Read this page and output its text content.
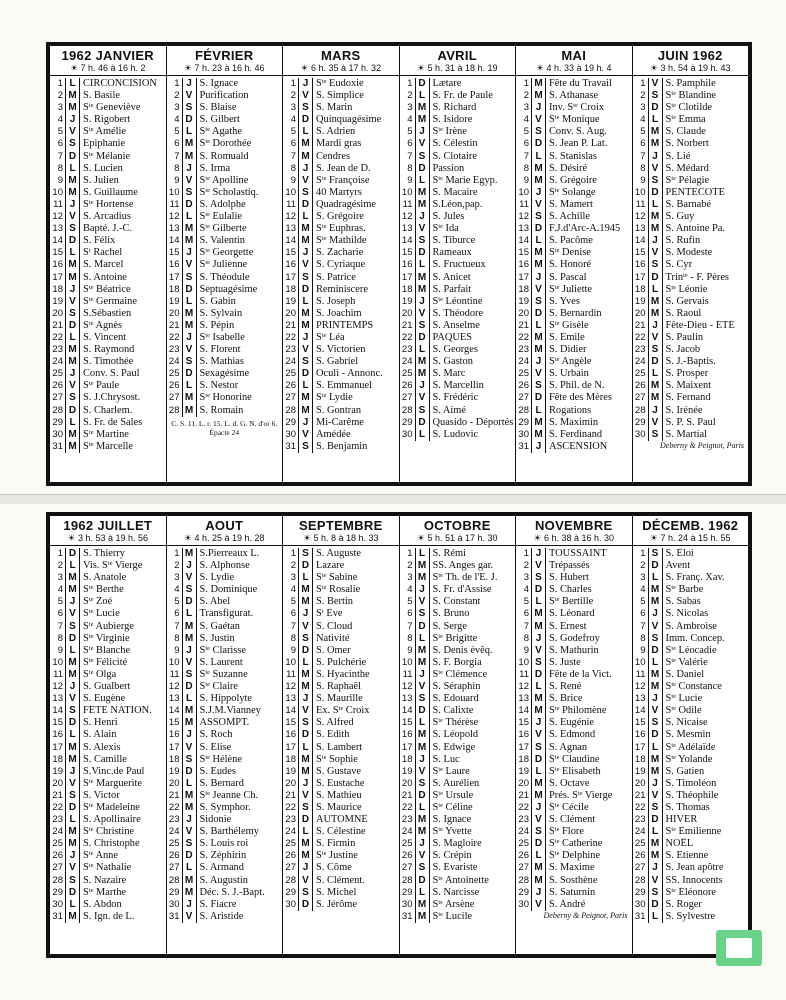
1962 JANVIER
☀ 7 h. 46 à 16 h. 2
1 L CIRCONCISION
2 M S. Basile
3 M Sᵗᵉ Geneviève
4 J S. Rigobert
5 V Sᵗᵉ Amélie
6 S Epiphanie
7 D Sᵗᵉ Mélanie
8 L S. Lucien
9 M S. Julien
10 M S. Guillaume
11 J Sᵗᵉ Hortense
12 V S. Arcadius
13 S Bapté. J.-C.
14 D S. Félix
15 L Sᵗ Rachel
16 M S. Marcel
17 M S. Antoine
18 J Sᵗᵉ Béatrice
19 V Sᵗᵉ Germaine
20 S S.Sébastien
21 D Sᵗᵉ Agnès
22 L S. Vincent
23 M S. Raymond
24 M S. Timothée
25 J Conv. S. Paul
26 V Sᵗᵉ Paule
27 S S. J.Chrysost.
28 D S. Charlem.
29 L S. Fr. de Sales
30 M Sᵗᵉ Martine
31 M Sᵗᵉ Marcelle
FÉVRIER
☀ 7 h. 23 à 16 h. 46
1 J S. Ignace
2 V Purification
3 S S. Blaise
4 D S. Gilbert
5 L Sᵗᵉ Agathe
6 M Sᵗᵉ Dorothée
7 M S. Romuald
8 J S. Irma
9 V Sᵗᵉ Apolline
10 S Sᵗᵉ Scholastiq.
11 D S. Adolphe
12 L Sᵗᵉ Eulalie
13 M Sᵗᵉ Gilberte
14 M S. Valentin
15 J Sᵗᵉ Georgette
16 V Sᵗᵉ Julienne
17 S S. Théodule
18 D Septuagésime
19 L S. Gabin
20 M S. Sylvain
21 M S. Pépin
22 J Sᵗᵉ Isabelle
23 V S. Florent
24 S S. Mathias
25 D Sexagésime
26 L S. Nestor
27 M Sᵗᵉ Honorine
28 M S. Romain
C. S. 11. L. r. 15. L. d. G. N. d'or 6. Épacte 24
MARS
☀ 6 h. 35 à 17 h. 32
1 J Sᵗᵉ Eudoxie
2 V S. Simplice
3 S S. Marin
4 D Quinquagésime
5 L S. Adrien
6 M Mardi gras
7 M Cendres
8 J S. Jean de D.
9 V Sᵗᵉ Françoise
10 S 40 Martyrs
11 D Quadragésime
12 L S. Grégoire
13 M Sᵗᵉ Euphras.
14 M Sᵗᵉ Mathilde
15 J S. Zacharie
16 V S. Cyriaque
17 S S. Patrice
18 D Reminiscere
19 L S. Joseph
20 M S. Joachim
21 M PRINTEMPS
22 J Sᵗᵉ Léa
23 V S. Victorien
24 S S. Gabriel
25 D Oculi - Annonc.
26 L S. Emmanuel
27 M Sᵗᵉ Lydie
28 M S. Gontran
29 J Mi-Carême
30 V Amédée
31 S S. Benjamin
AVRIL
☀ 5 h. 31 à 18 h. 19
1 D Lætare
2 L S. Fr. de Paule
3 M S. Richard
4 M S. Isidore
5 J Sᵗᵉ Irène
6 V S. Célestin
7 S S. Clotaire
8 D Passion
9 L Sᵗᵉ Marie Egyp.
10 M S. Macaire
11 M S.Léon,pap.
12 J S. Jules
13 V Sᵗᵉ Ida
14 S S. Tiburce
15 D Rameaux
16 L S. Fructueux
17 M S. Anicet
18 M S. Parfait
19 J Sᵗᵉ Léontine
20 V S. Théodore
21 S S. Anselme
22 D PAQUES
23 L S. Georges
24 M S. Gaston
25 M S. Marc
26 J S. Marcellin
27 V S. Frédéric
28 S S. Aimé
29 D Quasido - Déportés
30 L S. Ludovic
MAI
☀ 4 h. 33 à 19 h. 4
1 M Fête du Travail
2 M S. Athanase
3 J Inv. Sᵗᵉ Croix
4 V Sᵗᵉ Monique
5 S Conv. S. Aug.
6 D S. Jean P. Lat.
7 L S. Stanislas
8 M S. Désiré
9 M S. Grégoire
10 J Sᵗᵉ Solange
11 V S. Mamert
12 S S. Achille
13 D F.J.d'Arc-A.1945
14 L S. Pacôme
15 M Sᵗᵉ Denise
16 M S. Honoré
17 J S. Pascal
18 V Sᵗᵉ Juliette
19 S S. Yves
20 D S. Bernardin
21 L Sᵗᵉ Gisèle
22 M S. Emile
23 M S. Didier
24 J Sᵗᵉ Angèle
25 V S. Urbain
26 S S. Phil. de N.
27 D Fête des Mères
28 L Rogations
29 M S. Maximin
30 M S. Ferdinand
31 J ASCENSION
JUIN 1962
☀ 3 h. 54 à 19 h. 43
1 V S. Pamphile
2 S Sᵗᵉ Blandine
3 D Sᵗᵉ Clotilde
4 L Sᵗᵉ Emma
5 M S. Claude
6 M S. Norbert
7 J S. Lié
8 V S. Médard
9 S Sᵗᵉ Pélagie
10 D PENTECOTE
11 L S. Barnabé
12 M S. Guy
13 M S. Antoine Pa.
14 J S. Rufin
15 V S. Modeste
16 S S. Cyr
17 D Trinᵗᵉ - F. Pères
18 L Sᵗᵉ Léonie
19 M S. Gervais
20 M S. Raoul
21 J Fête-Dieu - ÉTÉ
22 V S. Paulin
23 S S. Jacob
24 D S. J.-Baptis.
25 L S. Prosper
26 M S. Maixent
27 M S. Fernand
28 J S. Irénée
29 V S. P. S. Paul
30 S S. Martial
Deberny & Peignot, Paris
1962 JUILLET
☀ 3 h. 53 à 19 h. 56
1 D S. Thierry
2 L Vis. Sᵗᵉ Vierge
3 M S. Anatole
4 M Sᵗᵉ Berthe
5 J Sᵗᵉ Zoé
6 V Sᵗᵉ Lucie
7 S Sᵗᵉ Aubierge
8 D Sᵗᵉ Virginie
9 L Sᵗᵉ Blanche
10 M Sᵗᵉ Félicité
11 M Sᵗᵉ Olga
12 J S. Gualbert
13 V S. Eugène
14 S FÊTE NATION.
15 D S. Henri
16 L S. Alain
17 M S. Alexis
18 M S. Camille
19 J S.Vinc.de Paul
20 V Sᵗᵉ Marguerite
21 S S. Victor
22 D Sᵗᵉ Madeleine
23 L S. Apollinaire
24 M Sᵗᵉ Christine
25 M S. Christophe
26 J Sᵗᵉ Anne
27 V Sᵗᵉ Nathalie
28 S S. Nazaire
29 D Sᵗᵉ Marthe
30 L S. Abdon
31 M S. Ign. de L.
AOUT
☀ 4 h. 25 à 19 h. 28
1 M S.Pierreaux L.
2 J S. Alphonse
3 V S. Lydie
4 S S. Dominique
5 D S. Abel
6 L Transfigurat.
7 M S. Gaétan
8 M S. Justin
9 J Sᵗᵉ Clarisse
10 V S. Laurent
11 S Sᵗᵉ Suzanne
12 D Sᵗᵉ Claire
13 L S. Hippolyte
14 M S.J.M.Vianney
15 M ASSOMPT.
16 J S. Roch
17 V S. Élise
18 S Sᵗᵉ Hélène
19 D S. Eudes
20 L S. Bernard
21 M Sᵗᵉ Jeanne Ch.
22 M S. Symphor.
23 J Sidonie
24 V S. Barthélemy
25 S S. Louis roi
26 D S. Zéphirin
27 L S. Armand
28 M S. Augustin
29 M Déc. S. J.-Bapt.
30 J S. Fiacre
31 V S. Aristide
SEPTEMBRE
☀ 5 h. 8 à 18 h. 33
1 S S. Auguste
2 D Lazare
3 L Sᵗᵉ Sabine
4 M Sᵗᵉ Rosalie
5 M S. Bertin
6 J Sᵗ Ève
7 V S. Cloud
8 S Nativité
9 D S. Omer
10 L S. Pulchérie
11 M S. Hyacinthe
12 M S. Raphaël
13 J S. Maurille
14 V Ex. Sᵗᵉ Croix
15 S S. Alfred
16 D S. Edith
17 L S. Lambert
18 M Sᵗᵉ Sophie
19 M S. Gustave
20 J S. Eustache
21 V S. Mathieu
22 S S. Maurice
23 D AUTOMNE
24 L S. Célestine
25 M S. Firmin
26 M Sᵗᵉ Justine
27 J S. Côme
28 V S. Clément.
29 S S. Michel
30 D S. Jérôme
OCTOBRE
☀ 5 h. 51 à 17 h. 30
1 L S. Rémi
2 M SS. Anges gar.
3 M Sᵗᵉ Th. de l'E. J.
4 J S. Fr. d'Assise
5 V S. Constant
6 S S. Bruno
7 D S. Serge
8 L Sᵗᵉ Brigitte
9 M S. Denis évêq.
10 M S. F. Borgia
11 J Sᵗᵉ Clémence
12 V S. Séraphin
13 S S. Edouard
14 D S. Calixte
15 L Sᵗᵉ Thérèse
16 M S. Léopold
17 M S. Edwige
18 J S. Luc
19 V Sᵗᵉ Laure
20 S S. Aurélien
21 D Sᵗᵉ Ursule
22 L Sᵗᵉ Céline
23 M S. Ignace
24 M Sᵗᵉ Yvette
25 J S. Magloire
26 V S. Crépin
27 S S. Évariste
28 D Sᵗᵉ Antoinette
29 L S. Narcisse
30 M Sᵗᵉ Arsène
31 M Sᵗᵉ Lucile
NOVEMBRE
☀ 6 h. 38 à 16 h. 30
1 J TOUSSAINT
2 V Trépassés
3 S S. Hubert
4 D S. Charles
5 L Sᵗᵉ Bertille
6 M S. Léonard
7 M S. Ernest
8 J S. Godefroy
9 V S. Mathurin
10 S S. Juste
11 D Fête de la Vict.
12 L S. René
13 M S. Brice
14 M Sᵗᵉ Philomène
15 J S. Eugénie
16 V S. Edmond
17 S S. Agnan
18 D Sᵗᵉ Claudine
19 L Sᵗᵉ Élisabeth
20 M S. Octave
21 M Prés. Sᵗᵉ Vierge
22 J Sᵗᵉ Cécile
23 V S. Clément
24 S Sᵗᵉ Flore
25 D Sᵗᵉ Catherine
26 L Sᵗᵉ Delphine
27 M S. Maxime
28 M S. Sosthène
29 J S. Saturnin
30 V S. André
Deberny & Peignot, Paris
DÉCEMB. 1962
☀ 7 h. 24 à 15 h. 55
1 S S. Éloi
2 D Avent
3 L S. Franç. Xav.
4 M Sᵗᵉ Barbe
5 M S. Sabas
6 J S. Nicolas
7 V S. Ambroise
8 S Imm. Concep.
9 D Sᵗᵉ Léocadie
10 L Sᵗᵉ Valérie
11 M S. Daniel
12 M Sᵗᵉ Constance
13 J Sᵗᵉ Lucie
14 V Sᵗᵉ Odile
15 S S. Nicaise
16 D S. Mesmin
17 L Sᵗᵉ Adélaïde
18 M Sᵗᵉ Yolande
19 M S. Gatien
20 J S. Timoléon
21 V S. Théophile
22 S S. Thomas
23 D HIVER
24 L Sᵗᵉ Émilienne
25 M NOËL
26 M S. Etienne
27 J S. Jean apôtre
28 V SS. Innocents
29 S Sᵗᵉ Éléonore
30 D S. Roger
31 L S. Sylvestre
